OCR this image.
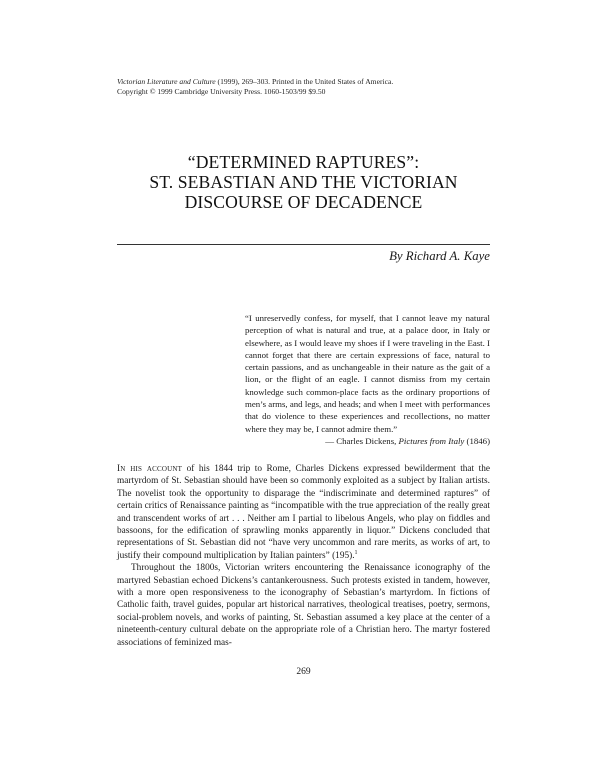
Victorian Literature and Culture (1999), 269–303. Printed in the United States of America.
Copyright © 1999 Cambridge University Press. 1060-1503/99 $9.50
“DETERMINED RAPTURES”:
ST. SEBASTIAN AND THE VICTORIAN
DISCOURSE OF DECADENCE
By Richard A. Kaye
“I unreservedly confess, for myself, that I cannot leave my natural perception of what is natural and true, at a palace door, in Italy or elsewhere, as I would leave my shoes if I were traveling in the East. I cannot forget that there are certain expressions of face, natural to certain passions, and as unchangeable in their nature as the gait of a lion, or the flight of an eagle. I cannot dismiss from my certain knowledge such common-place facts as the ordinary proportions of men’s arms, and legs, and heads; and when I meet with performances that do violence to these experiences and recollections, no matter where they may be, I cannot admire them.”
— Charles Dickens, Pictures from Italy (1846)

In his account of his 1844 trip to Rome, Charles Dickens expressed bewilderment that the martyrdom of St. Sebastian should have been so commonly exploited as a subject by Italian artists. The novelist took the opportunity to disparage the “indiscriminate and determined raptures” of certain critics of Renaissance painting as “incompatible with the true appreciation of the really great and transcendent works of art . . . Neither am I partial to libelous Angels, who play on fiddles and bassoons, for the edification of sprawling monks apparently in liquor.” Dickens concluded that representations of St. Sebastian did not “have very uncommon and rare merits, as works of art, to justify their compound multiplication by Italian painters” (195).$^1$

Throughout the 1800s, Victorian writers encountering the Renaissance iconography of the martyred Sebastian echoed Dickens’s cantankerousness. Such protests existed in tandem, however, with a more open responsiveness to the iconography of Sebastian’s martyrdom. In fictions of Catholic faith, travel guides, popular art historical narratives, theological treatises, poetry, sermons, social-problem novels, and works of painting, St. Sebastian assumed a key place at the center of a nineteenth-century cultural debate on the appropriate role of a Christian hero. The martyr fostered associations of feminized mas-

269
